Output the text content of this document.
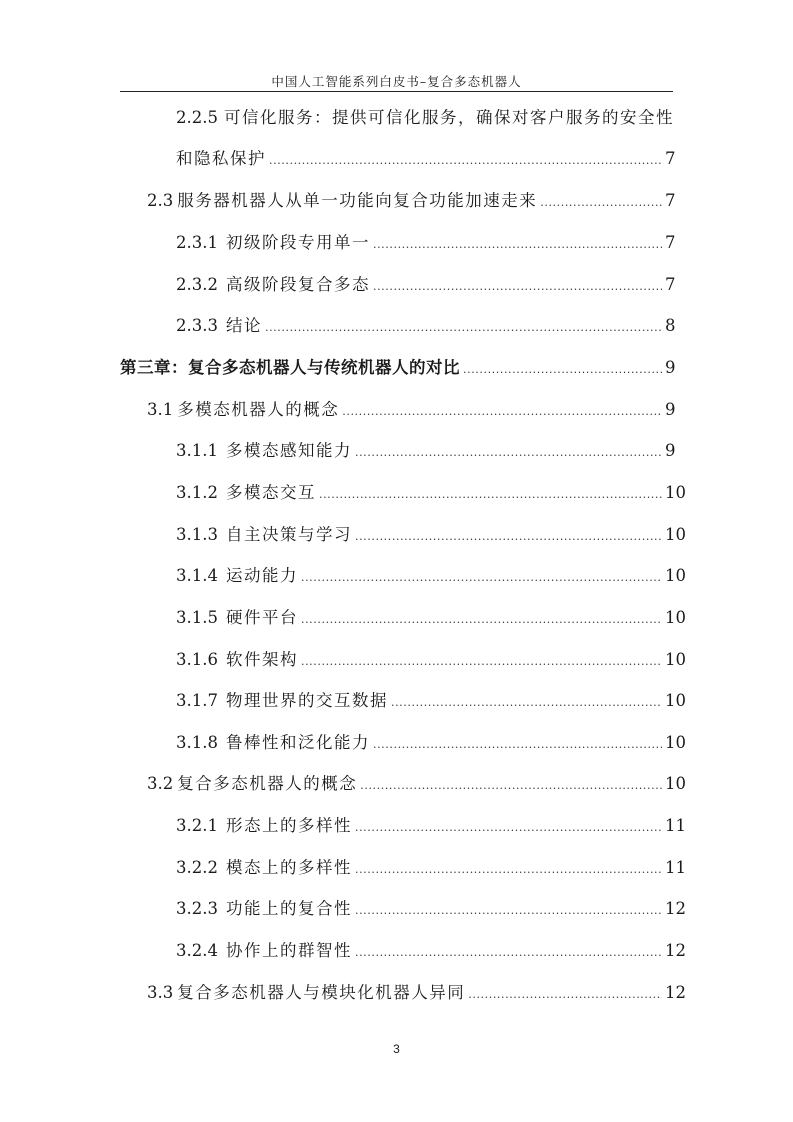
中国人工智能系列白皮书–复合多态机器人
2.2.5 可信化服务：提供可信化服务，确保对客户服务的安全性
和隐私保护 .....	7
2.3 服务器机器人从单一功能向复合功能加速走来 .....	7
2.3.1 初级阶段专用单一 .....	7
2.3.2 高级阶段复合多态 .....	7
2.3.3 结论 .....	8
第三章：复合多态机器人与传统机器人的对比 .....	9
3.1 多模态机器人的概念 .....	9
3.1.1 多模态感知能力 .....	9
3.1.2 多模态交互 .....	10
3.1.3 自主决策与学习 .....	10
3.1.4 运动能力 .....	10
3.1.5 硬件平台 .....	10
3.1.6 软件架构 .....	10
3.1.7 物理世界的交互数据 .....	10
3.1.8 鲁棒性和泛化能力 .....	10
3.2 复合多态机器人的概念 .....	10
3.2.1 形态上的多样性 .....	11
3.2.2 模态上的多样性 .....	11
3.2.3 功能上的复合性 .....	12
3.2.4 协作上的群智性 .....	12
3.3 复合多态机器人与模块化机器人异同 .....	12
3
